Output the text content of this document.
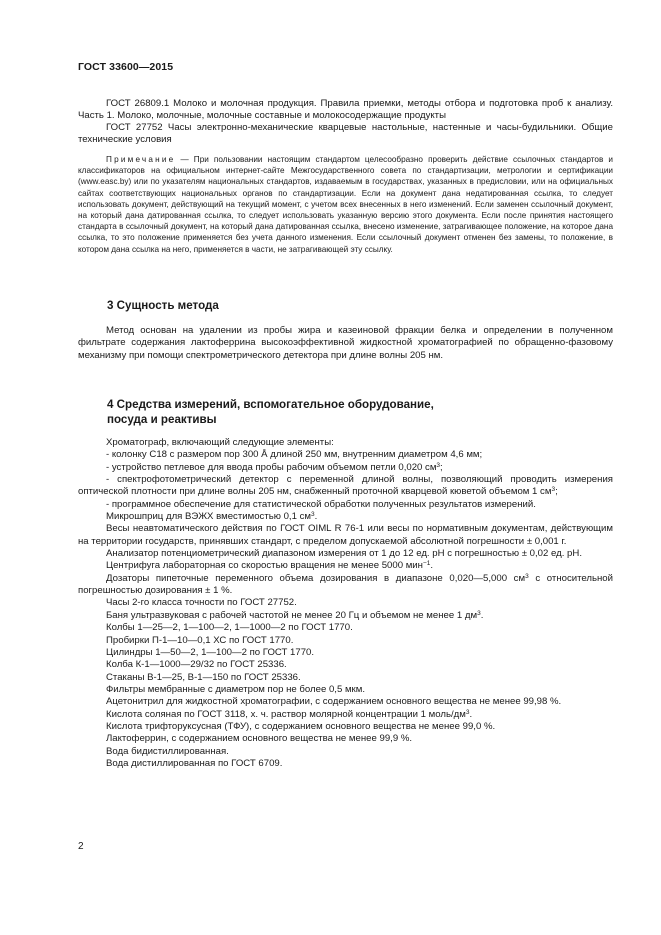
ГОСТ 33600—2015

ГОСТ 26809.1 Молоко и молочная продукция. Правила приемки, методы отбора и подготовка проб к анализу. Часть 1. Молоко, молочные, молочные составные и молокосодержащие продукты

ГОСТ 27752 Часы электронно-механические кварцевые настольные, настенные и часы-будильники. Общие технические условия

Примечание — При пользовании настоящим стандартом целесообразно проверить действие ссылочных стандартов и классификаторов на официальном интернет-сайте Межгосударственного совета по стандартизации, метрологии и сертификации (www.easc.by) или по указателям национальных стандартов, издаваемым в государствах, указанных в предисловии, или на официальных сайтах соответствующих национальных органов по стандартизации. Если на документ дана недатированная ссылка, то следует использовать документ, действующий на текущий момент, с учетом всех внесенных в него изменений. Если заменен ссылочный документ, на который дана датированная ссылка, то следует использовать указанную версию этого документа. Если после принятия настоящего стандарта в ссылочный документ, на который дана датированная ссылка, внесено изменение, затрагивающее положение, на которое дана ссылка, то это положение применяется без учета данного изменения. Если ссылочный документ отменен без замены, то положение, в котором дана ссылка на него, применяется в части, не затрагивающей эту ссылку.

3 Сущность метода

Метод основан на удалении из пробы жира и казеиновой фракции белка и определении в полученном фильтрате содержания лактоферрина высокоэффективной жидкостной хроматографией по обращенно-фазовому механизму при помощи спектрометрического детектора при длине волны 205 нм.

4 Средства измерений, вспомогательное оборудование,
посуда и реактивы

Хроматограф, включающий следующие элементы:

- колонку С18 с размером пор 300 Å длиной 250 мм, внутренним диаметром 4,6 мм;

- устройство петлевое для ввода пробы рабочим объемом петли 0,020 $см^3$;

- спектрофотометрический детектор с переменной длиной волны, позволяющий проводить измерения оптической плотности при длине волны 205 нм, снабженный проточной кварцевой кюветой объемом 1 $см^3$;

- программное обеспечение для статистической обработки полученных результатов измерений.

Микрошприц для ВЭЖХ вместимостью 0,1 $см^3$.

Весы неавтоматического действия по ГОСТ OIML R 76-1 или весы по нормативным документам, действующим на территории государств, принявших стандарт, с пределом допускаемой абсолютной погрешности ± 0,001 г.

Анализатор потенциометрический диапазоном измерения от 1 до 12 ед. pH с погрешностью ± 0,02 ед. pH.

Центрифуга лабораторная со скоростью вращения не менее 5000 мин$^{-1}$.

Дозаторы пипеточные переменного объема дозирования в диапазоне 0,020—5,000 $см^3$ с относительной погрешностью дозирования ± 1 %.

Часы 2-го класса точности по ГОСТ 27752.

Баня ультразвуковая с рабочей частотой не менее 20 Гц и объемом не менее 1 $дм^3$.

Колбы 1—25—2, 1—100—2, 1—1000—2 по ГОСТ 1770.

Пробирки П-1—10—0,1 ХС по ГОСТ 1770.

Цилиндры 1—50—2, 1—100—2 по ГОСТ 1770.

Колба К-1—1000—29/32 по ГОСТ 25336.

Стаканы В-1—25, В-1—150 по ГОСТ 25336.

Фильтры мембранные с диаметром пор не более 0,5 мкм.

Ацетонитрил для жидкостной хроматографии, с содержанием основного вещества не менее 99,98 %.

Кислота соляная по ГОСТ 3118, х. ч. раствор молярной концентрации 1 моль/$дм^3$.

Кислота трифторуксусная (ТФУ), с содержанием основного вещества не менее 99,0 %.

Лактоферрин, с содержанием основного вещества не менее 99,9 %.

Вода бидистиллированная.

Вода дистиллированная по ГОСТ 6709.

2
